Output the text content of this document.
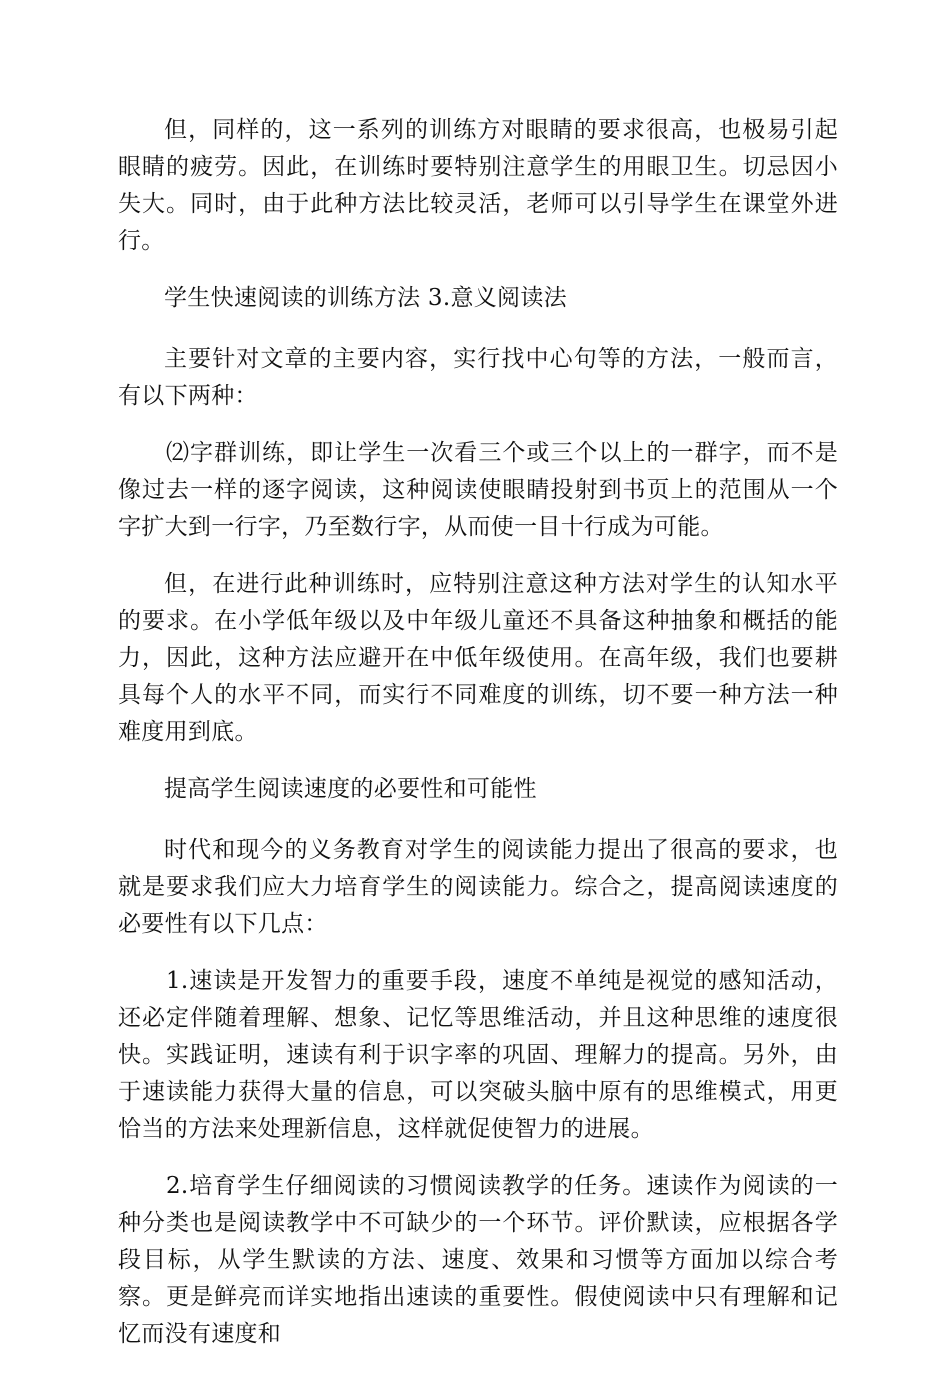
但，同样的，这一系列的训练方对眼睛的要求很高，也极易引起眼睛的疲劳。因此，在训练时要特别注意学生的用眼卫生。切忌因小失大。同时，由于此种方法比较灵活，老师可以引导学生在课堂外进行。

学生快速阅读的训练方法 3.意义阅读法

主要针对文章的主要内容，实行找中心句等的方法，一般而言，有以下两种：

⑵字群训练，即让学生一次看三个或三个以上的一群字，而不是像过去一样的逐字阅读，这种阅读使眼睛投射到书页上的范围从一个字扩大到一行字，乃至数行字，从而使一目十行成为可能。

但，在进行此种训练时，应特别注意这种方法对学生的认知水平的要求。在小学低年级以及中年级儿童还不具备这种抽象和概括的能力，因此，这种方法应避开在中低年级使用。在高年级，我们也要耕具每个人的水平不同，而实行不同难度的训练，切不要一种方法一种难度用到底。

提高学生阅读速度的必要性和可能性

时代和现今的义务教育对学生的阅读能力提出了很高的要求，也就是要求我们应大力培育学生的阅读能力。综合之，提高阅读速度的必要性有以下几点：

1.速读是开发智力的重要手段，速度不单纯是视觉的感知活动，还必定伴随着理解、想象、记忆等思维活动，并且这种思维的速度很快。实践证明，速读有利于识字率的巩固、理解力的提高。另外，由于速读能力获得大量的信息，可以突破头脑中原有的思维模式，用更恰当的方法来处理新信息，这样就促使智力的进展。

2.培育学生仔细阅读的习惯阅读教学的任务。速读作为阅读的一种分类也是阅读教学中不可缺少的一个环节。评价默读，应根据各学段目标，从学生默读的方法、速度、效果和习惯等方面加以综合考察。更是鲜亮而详实地指出速读的重要性。假使阅读中只有理解和记忆而没有速度和
